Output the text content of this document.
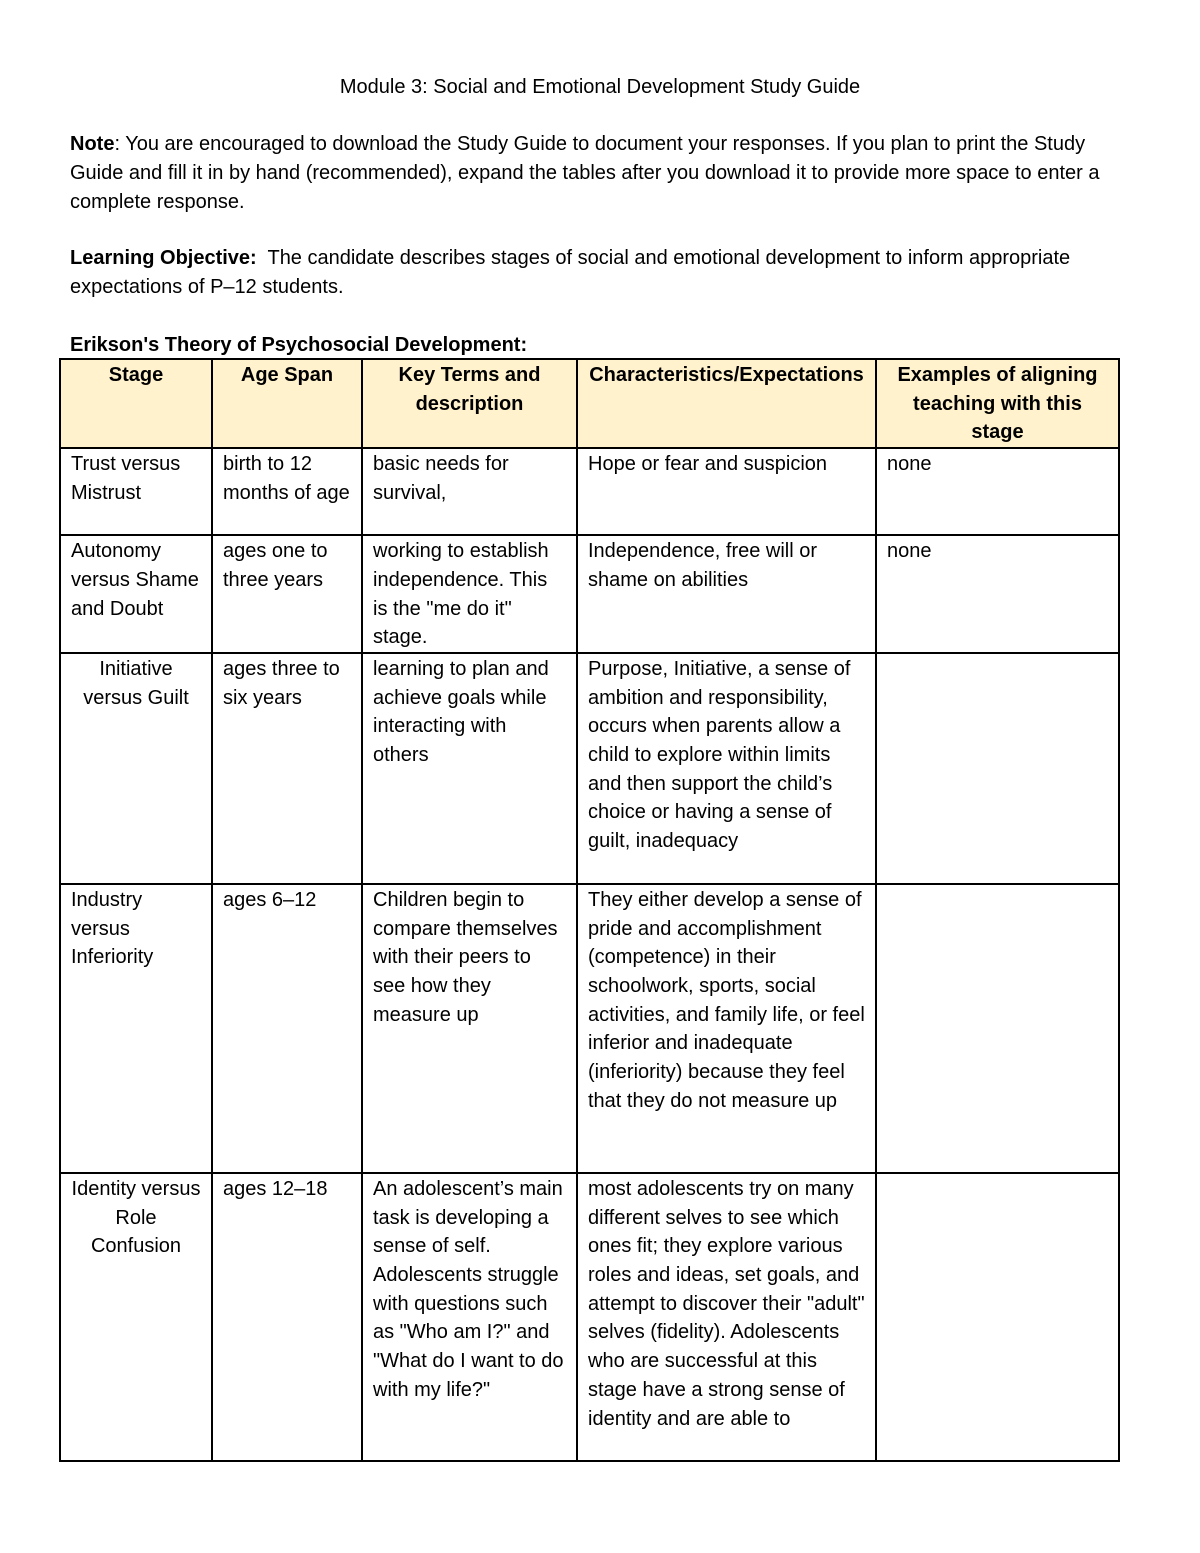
Module 3: Social and Emotional Development Study Guide
Note: You are encouraged to download the Study Guide to document your responses. If you plan to print the Study Guide and fill it in by hand (recommended), expand the tables after you download it to provide more space to enter a complete response.
Learning Objective:  The candidate describes stages of social and emotional development to inform appropriate expectations of P–12 students.
Erikson's Theory of Psychosocial Development:
Stage	Age Span	Key Terms and description	Characteristics/Expectations	Examples of aligning teaching with this stage
Trust versus Mistrust	birth to 12 months of age	basic needs for survival,	Hope or fear and suspicion	none
Autonomy versus Shame and Doubt	ages one to three years	working to establish independence. This is the "me do it" stage.	Independence, free will or shame on abilities	none
Initiative versus Guilt	ages three to six years	learning to plan and achieve goals while interacting with others	Purpose, Initiative, a sense of ambition and responsibility, occurs when parents allow a child to explore within limits and then support the child’s choice or having a sense of guilt, inadequacy	
Industry versus Inferiority	ages 6–12	Children begin to compare themselves with their peers to see how they measure up	They either develop a sense of pride and accomplishment (competence) in their schoolwork, sports, social activities, and family life, or feel inferior and inadequate (inferiority) because they feel that they do not measure up	
Identity versus Role Confusion	ages 12–18	An adolescent’s main task is developing a sense of self. Adolescents struggle with questions such as "Who am I?" and "What do I want to do with my life?"	most adolescents try on many different selves to see which ones fit; they explore various roles and ideas, set goals, and attempt to discover their "adult" selves (fidelity). Adolescents who are successful at this stage have a strong sense of identity and are able to	
